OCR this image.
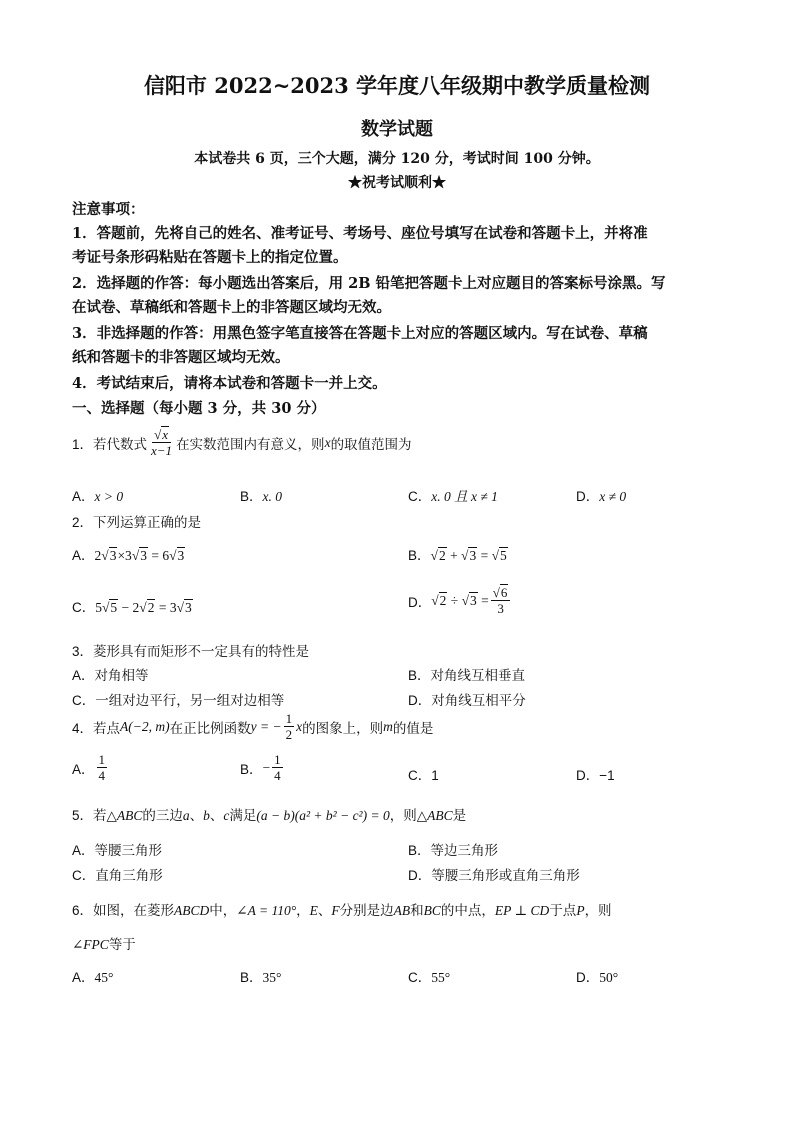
信阳市 2022~2023 学年度八年级期中教学质量检测
数学试题
本试卷共 6 页，三个大题，满分 120 分，考试时间 100 分钟。
★祝考试顺利★
注意事项：
1．答题前，先将自己的姓名、准考证号、考场号、座位号填写在试卷和答题卡上，并将准
考证号条形码粘贴在答题卡上的指定位置。
2．选择题的作答：每小题选出答案后，用 2B 铅笔把答题卡上对应题目的答案标号涂黑。写
在试卷、草稿纸和答题卡上的非答题区域均无效。
3．非选择题的作答：用黑色签字笔直接答在答题卡上对应的答题区域内。写在试卷、草稿
纸和答题卡的非答题区域均无效。
4．考试结束后，请将本试卷和答题卡一并上交。
一、选择题（每小题 3 分，共 30 分）
1．若代数式 $\frac{√x}{x-1}$ 在实数范围内有意义，则 x 的取值范围为
A．x > 0	B．x. 0	C．x. 0 且 x ≠ 1	D．x ≠ 0
2．下列运算正确的是
A．2√3×3√3 = 6√3	B．√2 + √3 = √5
C．5√5 − 2√2 = 3√3	D． $√2 \div √3 = \frac{√6}{3}$
3．菱形具有而矩形不一定具有的特性是
A．对角相等	B．对角线互相垂直
C．一组对边平行，另一组对边相等	D．对角线互相平分
4．若点 A(−2, m) 在正比例函数 y = − $\frac{1}{2}$ x 的图象上，则 m 的值是
A． $\frac{1}{4}$	B． − $\frac{1}{4}$	C．1	D．−1
5．若△ABC的三边a、b、c满足(a − b)(a² + b² − c²) = 0，则△ABC是
A．等腰三角形	B．等边三角形
C．直角三角形	D．等腰三角形或直角三角形
6．如图，在菱形ABCD中，∠A = 110°，E、F分别是边AB和BC的中点，EP ⊥ CD于点P，则
∠FPC等于
A．45°	B．35°	C．55°	D．50°
